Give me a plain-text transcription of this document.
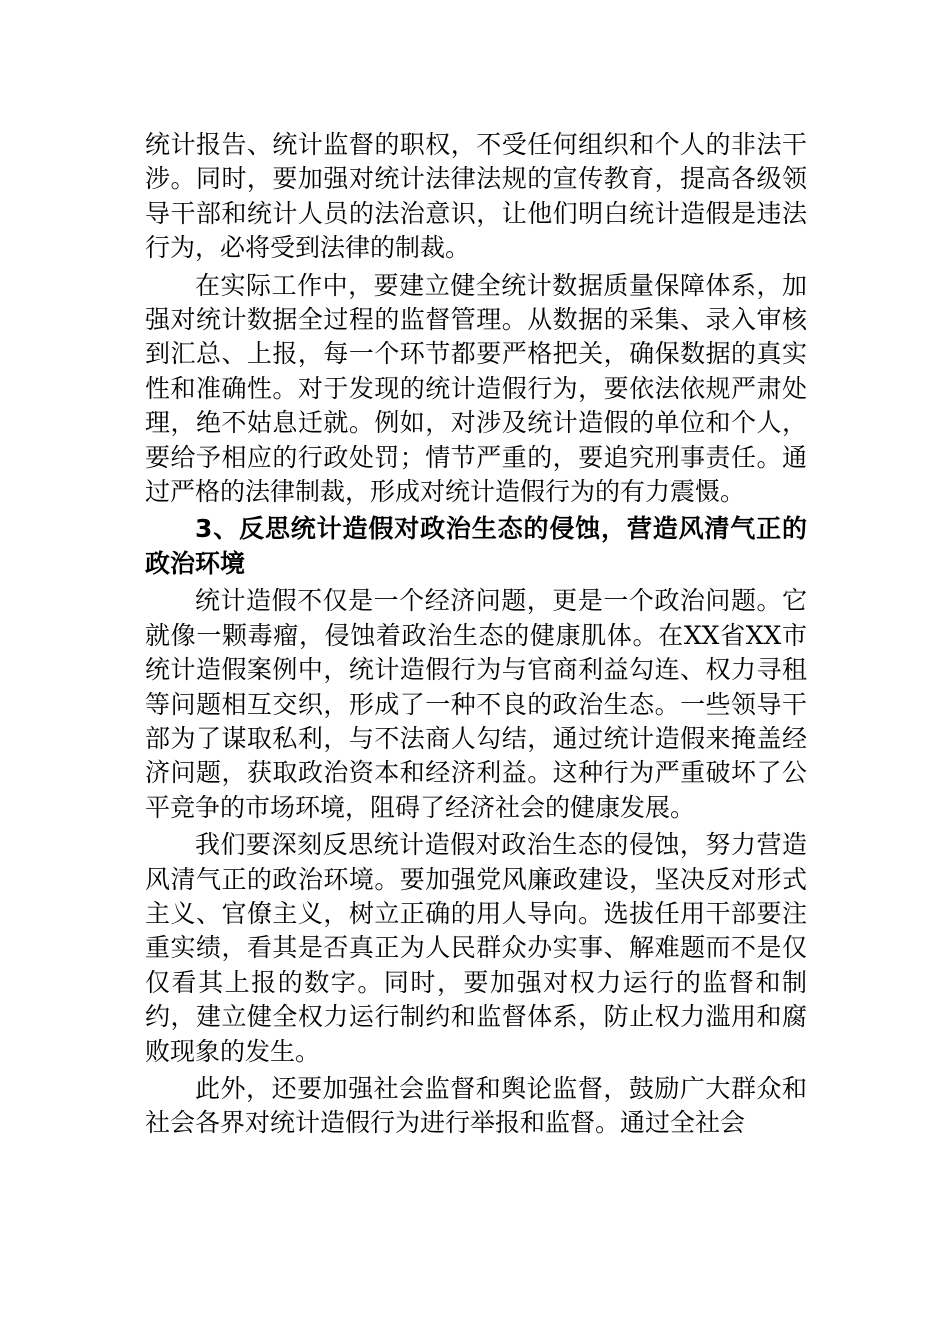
统计报告、统计监督的职权，不受任何组织和个人的非法干涉。同时，要加强对统计法律法规的宣传教育，提高各级领导干部和统计人员的法治意识，让他们明白统计造假是违法行为，必将受到法律的制裁。

在实际工作中，要建立健全统计数据质量保障体系，加强对统计数据全过程的监督管理。从数据的采集、录入审核到汇总、上报，每一个环节都要严格把关，确保数据的真实性和准确性。对于发现的统计造假行为，要依法依规严肃处理，绝不姑息迁就。例如，对涉及统计造假的单位和个人，要给予相应的行政处罚；情节严重的，要追究刑事责任。通过严格的法律制裁，形成对统计造假行为的有力震慑。

3、反思统计造假对政治生态的侵蚀，营造风清气正的政治环境

统计造假不仅是一个经济问题，更是一个政治问题。它就像一颗毒瘤，侵蚀着政治生态的健康肌体。在XX省XX市统计造假案例中，统计造假行为与官商利益勾连、权力寻租等问题相互交织，形成了一种不良的政治生态。一些领导干部为了谋取私利，与不法商人勾结，通过统计造假来掩盖经济问题，获取政治资本和经济利益。这种行为严重破坏了公平竞争的市场环境，阻碍了经济社会的健康发展。

我们要深刻反思统计造假对政治生态的侵蚀，努力营造风清气正的政治环境。要加强党风廉政建设，坚决反对形式主义、官僚主义，树立正确的用人导向。选拔任用干部要注重实绩，看其是否真正为人民群众办实事、解难题而不是仅仅看其上报的数字。同时，要加强对权力运行的监督和制约，建立健全权力运行制约和监督体系，防止权力滥用和腐败现象的发生。

此外，还要加强社会监督和舆论监督，鼓励广大群众和社会各界对统计造假行为进行举报和监督。通过全社会
